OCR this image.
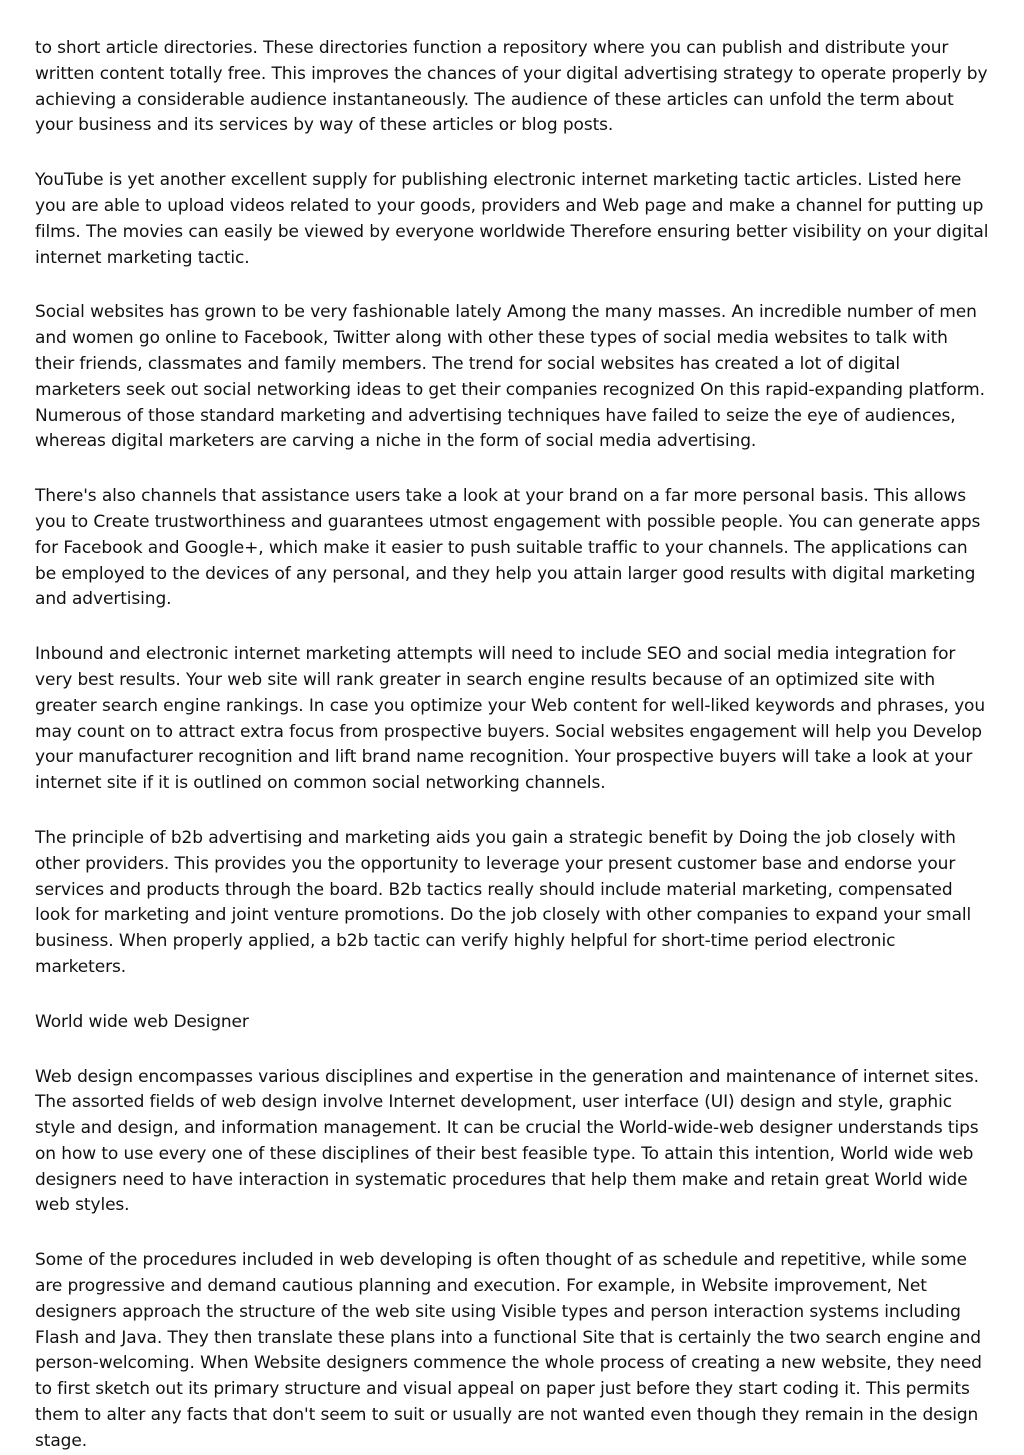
to short article directories. These directories function a repository where you can publish and distribute your written content totally free. This improves the chances of your digital advertising strategy to operate properly by achieving a considerable audience instantaneously. The audience of these articles can unfold the term about your business and its services by way of these articles or blog posts.

YouTube is yet another excellent supply for publishing electronic internet marketing tactic articles. Listed here you are able to upload videos related to your goods, providers and Web page and make a channel for putting up films. The movies can easily be viewed by everyone worldwide Therefore ensuring better visibility on your digital internet marketing tactic.

Social websites has grown to be very fashionable lately Among the many masses. An incredible number of men and women go online to Facebook, Twitter along with other these types of social media websites to talk with their friends, classmates and family members. The trend for social websites has created a lot of digital marketers seek out social networking ideas to get their companies recognized On this rapid-expanding platform. Numerous of those standard marketing and advertising techniques have failed to seize the eye of audiences, whereas digital marketers are carving a niche in the form of social media advertising.

There's also channels that assistance users take a look at your brand on a far more personal basis. This allows you to Create trustworthiness and guarantees utmost engagement with possible people. You can generate apps for Facebook and Google+, which make it easier to push suitable traffic to your channels. The applications can be employed to the devices of any personal, and they help you attain larger good results with digital marketing and advertising.

Inbound and electronic internet marketing attempts will need to include SEO and social media integration for very best results. Your web site will rank greater in search engine results because of an optimized site with greater search engine rankings. In case you optimize your Web content for well-liked keywords and phrases, you may count on to attract extra focus from prospective buyers. Social websites engagement will help you Develop your manufacturer recognition and lift brand name recognition. Your prospective buyers will take a look at your internet site if it is outlined on common social networking channels.

The principle of b2b advertising and marketing aids you gain a strategic benefit by Doing the job closely with other providers. This provides you the opportunity to leverage your present customer base and endorse your services and products through the board. B2b tactics really should include material marketing, compensated look for marketing and joint venture promotions. Do the job closely with other companies to expand your small business. When properly applied, a b2b tactic can verify highly helpful for short-time period electronic marketers.

World wide web Designer

Web design encompasses various disciplines and expertise in the generation and maintenance of internet sites. The assorted fields of web design involve Internet development, user interface (UI) design and style, graphic style and design, and information management. It can be crucial the World-wide-web designer understands tips on how to use every one of these disciplines of their best feasible type. To attain this intention, World wide web designers need to have interaction in systematic procedures that help them make and retain great World wide web styles.

Some of the procedures included in web developing is often thought of as schedule and repetitive, while some are progressive and demand cautious planning and execution. For example, in Website improvement, Net designers approach the structure of the web site using Visible types and person interaction systems including Flash and Java. They then translate these plans into a functional Site that is certainly the two search engine and person-welcoming. When Website designers commence the whole process of creating a new website, they need to first sketch out its primary structure and visual appeal on paper just before they start coding it. This permits them to alter any facts that don't seem to suit or usually are not wanted even though they remain in the design stage.
